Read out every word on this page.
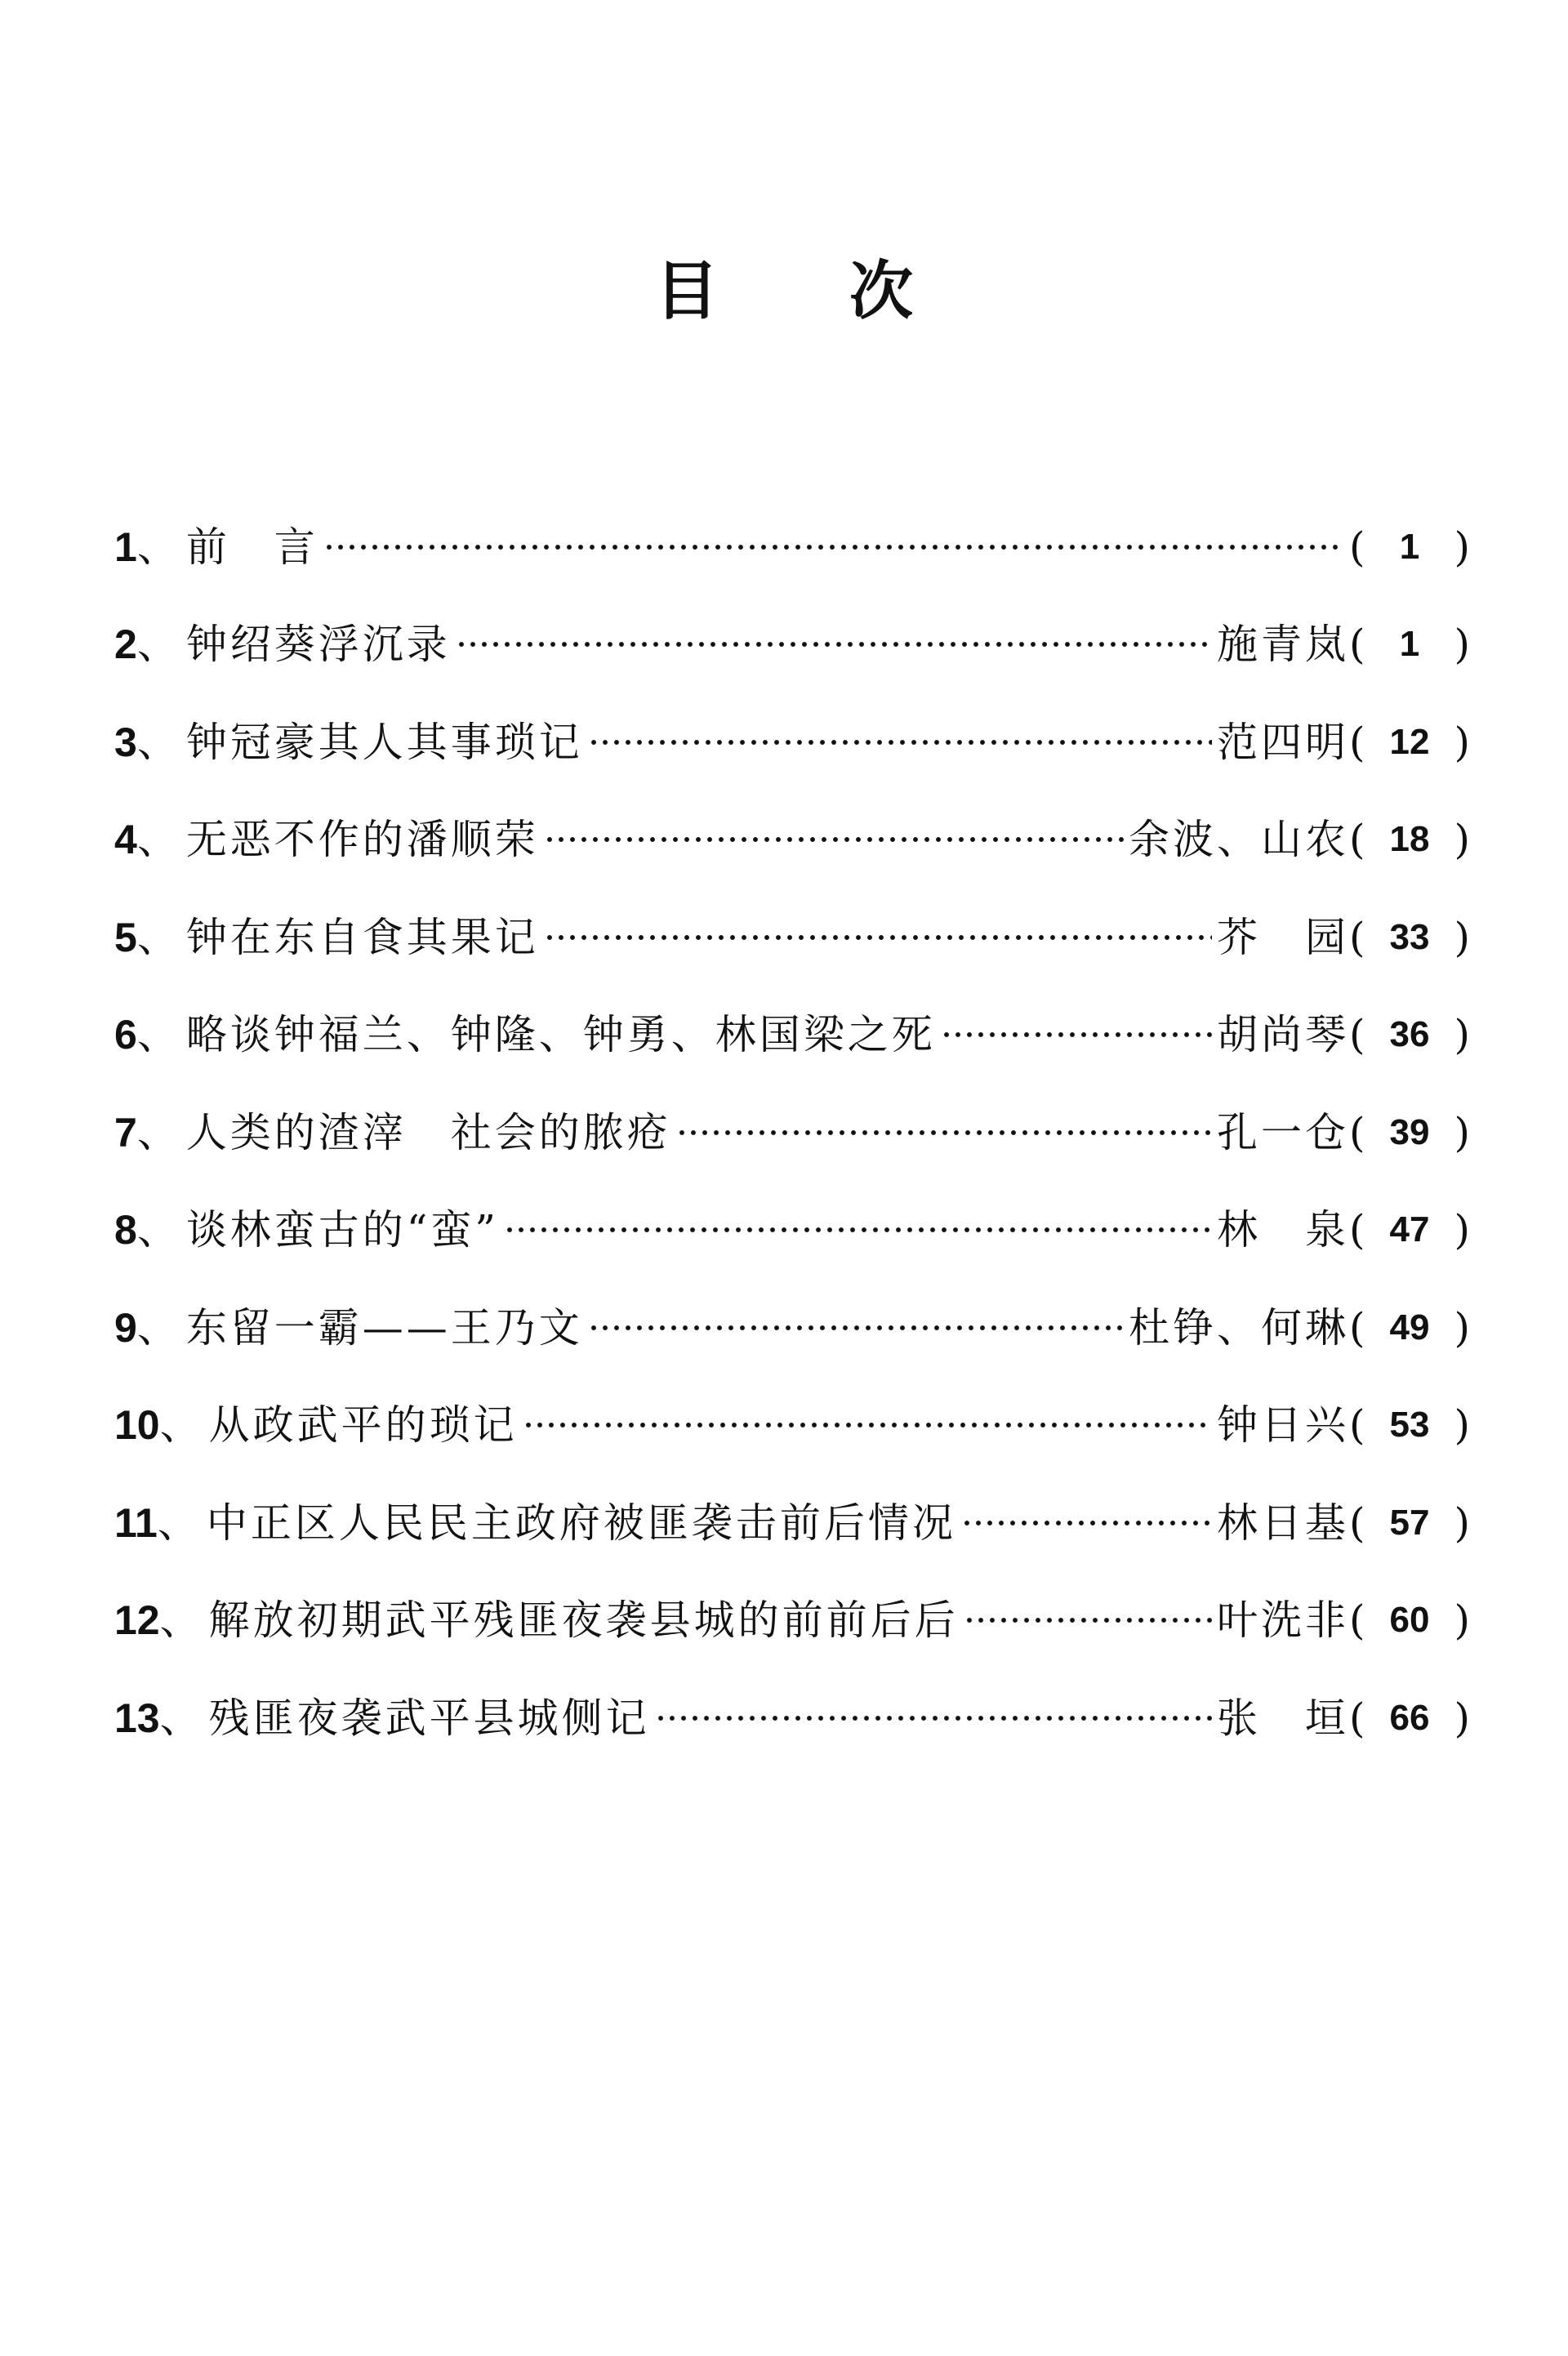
目 次
1 、 前　言	( 1 )
2 、 钟绍葵浮沉录	施青岚 ( 1 )
3 、 钟冠豪其人其事琐记	范四明 ( 12 )
4 、 无恶不作的潘顺荣	余波、山农 ( 18 )
5 、 钟在东自食其果记	芥　园 ( 33 )
6 、 略谈钟福兰、钟隆、钟勇、林国梁之死	胡尚琴 ( 36 )
7 、 人类的渣滓　社会的脓疮	孔一仓 ( 39 )
8 、 谈林蛮古的“蛮”	林　泉 ( 47 )
9 、 东留一霸——王乃文	杜铮、何琳 ( 49 )
10 、 从政武平的琐记	钟日兴 ( 53 )
11 、 中正区人民民主政府被匪袭击前后情况	林日基 ( 57 )
12 、 解放初期武平残匪夜袭县城的前前后后	叶洗非 ( 60 )
13 、 残匪夜袭武平县城侧记	张　垣 ( 66 )
